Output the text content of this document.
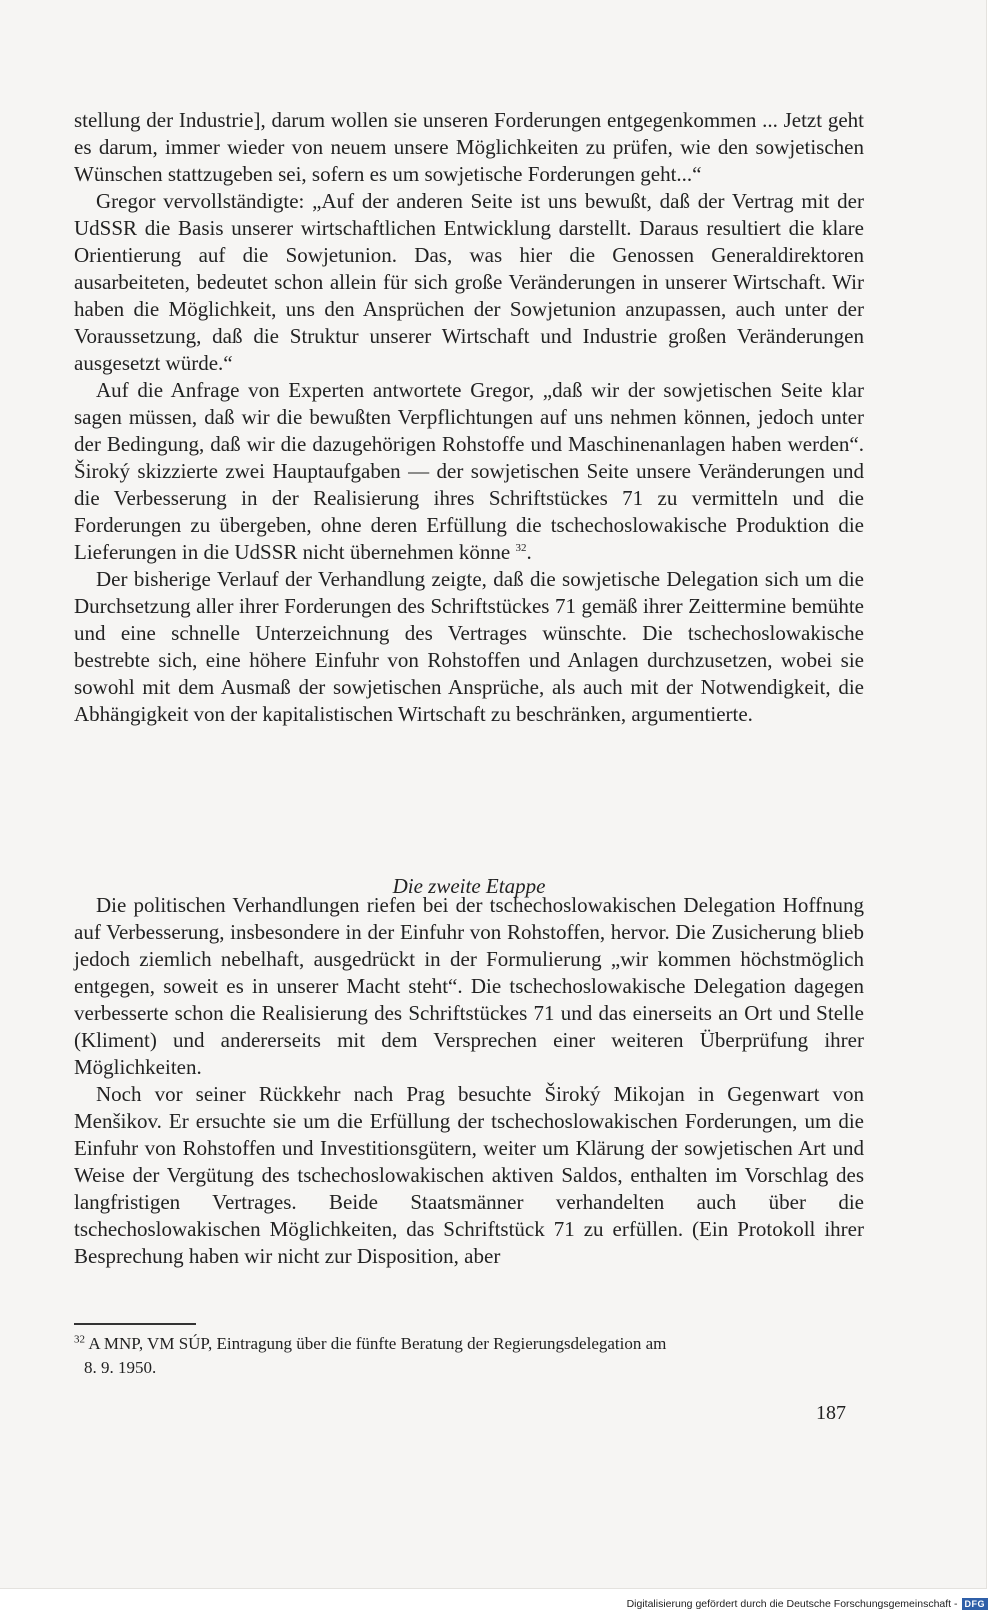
stellung der Industrie], darum wollen sie unseren Forderungen entgegenkommen ... Jetzt geht es darum, immer wieder von neuem unsere Möglichkeiten zu prüfen, wie den sowjetischen Wünschen stattzugeben sei, sofern es um sowjetische Forderungen geht...“

Gregor vervollständigte: „Auf der anderen Seite ist uns bewußt, daß der Vertrag mit der UdSSR die Basis unserer wirtschaftlichen Entwicklung darstellt. Daraus resultiert die klare Orientierung auf die Sowjetunion. Das, was hier die Genossen Generaldirektoren ausarbeiteten, bedeutet schon allein für sich große Veränderungen in unserer Wirtschaft. Wir haben die Möglichkeit, uns den Ansprüchen der Sowjetunion anzupassen, auch unter der Voraussetzung, daß die Struktur unserer Wirtschaft und Industrie großen Veränderungen ausgesetzt würde.“

Auf die Anfrage von Experten antwortete Gregor, „daß wir der sowjetischen Seite klar sagen müssen, daß wir die bewußten Verpflichtungen auf uns nehmen können, jedoch unter der Bedingung, daß wir die dazugehörigen Rohstoffe und Maschinenanlagen haben werden“. Široký skizzierte zwei Hauptaufgaben — der sowjetischen Seite unsere Veränderungen und die Verbesserung in der Realisierung ihres Schriftstückes 71 zu vermitteln und die Forderungen zu übergeben, ohne deren Erfüllung die tschechoslowakische Produktion die Lieferungen in die UdSSR nicht übernehmen könne $^{32}$.

Der bisherige Verlauf der Verhandlung zeigte, daß die sowjetische Delegation sich um die Durchsetzung aller ihrer Forderungen des Schriftstückes 71 gemäß ihrer Zeittermine bemühte und eine schnelle Unterzeichnung des Vertrages wünschte. Die tschechoslowakische bestrebte sich, eine höhere Einfuhr von Rohstoffen und Anlagen durchzusetzen, wobei sie sowohl mit dem Ausmaß der sowjetischen Ansprüche, als auch mit der Notwendigkeit, die Abhängigkeit von der kapitalistischen Wirtschaft zu beschränken, argumentierte.

Die zweite Etappe

Die politischen Verhandlungen riefen bei der tschechoslowakischen Delegation Hoffnung auf Verbesserung, insbesondere in der Einfuhr von Rohstoffen, hervor. Die Zusicherung blieb jedoch ziemlich nebelhaft, ausgedrückt in der Formulierung „wir kommen höchstmöglich entgegen, soweit es in unserer Macht steht“. Die tschechoslowakische Delegation dagegen verbesserte schon die Realisierung des Schriftstückes 71 und das einerseits an Ort und Stelle (Kliment) und andererseits mit dem Versprechen einer weiteren Überprüfung ihrer Möglichkeiten.

Noch vor seiner Rückkehr nach Prag besuchte Široký Mikojan in Gegenwart von Menšikov. Er ersuchte sie um die Erfüllung der tschechoslowakischen Forderungen, um die Einfuhr von Rohstoffen und Investitionsgütern, weiter um Klärung der sowjetischen Art und Weise der Vergütung des tschechoslowakischen aktiven Saldos, enthalten im Vorschlag des langfristigen Vertrages. Beide Staatsmänner verhandelten auch über die tschechoslowakischen Möglichkeiten, das Schriftstück 71 zu erfüllen. (Ein Protokoll ihrer Besprechung haben wir nicht zur Disposition, aber

$^{32}$ A MNP, VM SÚP, Eintragung über die fünfte Beratung der Regierungsdelegation am
8. 9. 1950.
187
Digitalisierung gefördert durch die Deutsche Forschungsgemeinschaft - DFG
